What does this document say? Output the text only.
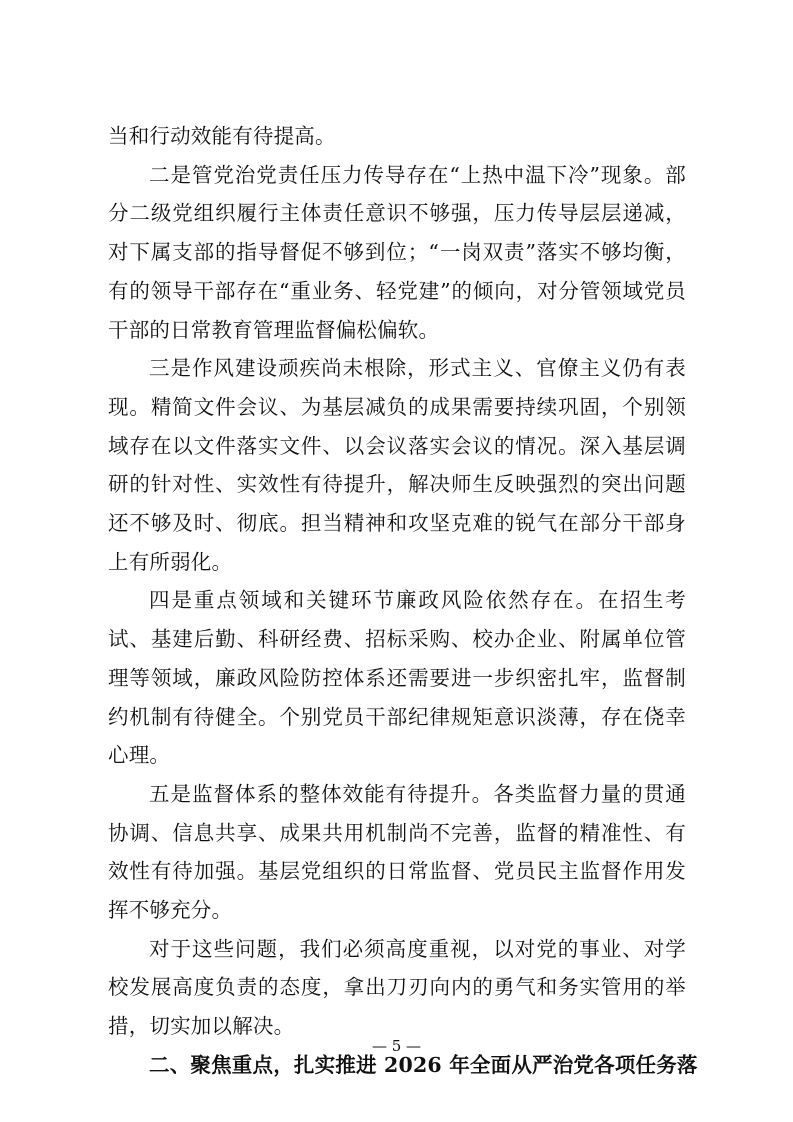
当和行动效能有待提高。

二是管党治党责任压力传导存在“上热中温下冷”现象。部分二级党组织履行主体责任意识不够强，压力传导层层递减，对下属支部的指导督促不够到位；“一岗双责”落实不够均衡，有的领导干部存在“重业务、轻党建”的倾向，对分管领域党员干部的日常教育管理监督偏松偏软。

三是作风建设顽疾尚未根除，形式主义、官僚主义仍有表现。精简文件会议、为基层减负的成果需要持续巩固，个别领域存在以文件落实文件、以会议落实会议的情况。深入基层调研的针对性、实效性有待提升，解决师生反映强烈的突出问题还不够及时、彻底。担当精神和攻坚克难的锐气在部分干部身上有所弱化。

四是重点领域和关键环节廉政风险依然存在。在招生考试、基建后勤、科研经费、招标采购、校办企业、附属单位管理等领域，廉政风险防控体系还需要进一步织密扎牢，监督制约机制有待健全。个别党员干部纪律规矩意识淡薄，存在侥幸心理。

五是监督体系的整体效能有待提升。各类监督力量的贯通协调、信息共享、成果共用机制尚不完善，监督的精准性、有效性有待加强。基层党组织的日常监督、党员民主监督作用发挥不够充分。

对于这些问题，我们必须高度重视，以对党的事业、对学校发展高度负责的态度，拿出刀刃向内的勇气和务实管用的举措，切实加以解决。

二、聚焦重点，扎实推进 2026 年全面从严治党各项任务落

— 5 —
